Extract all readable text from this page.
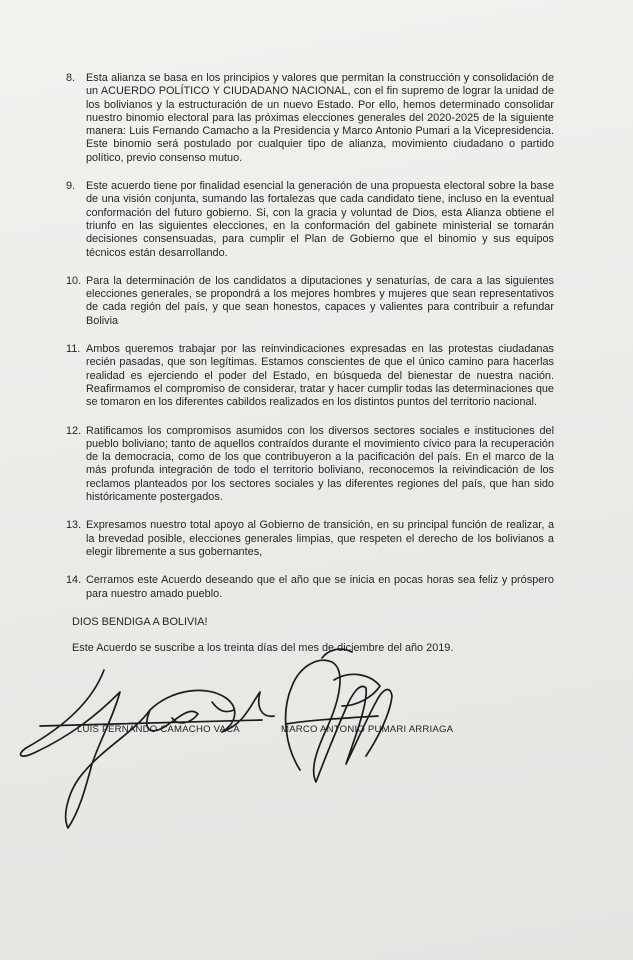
8.	Esta alianza se basa en los principios y valores que permitan la construcción y consolidación de un ACUERDO POLÍTICO Y CIUDADANO NACIONAL, con el fin supremo de lograr la unidad de los bolivianos y la estructuración de un nuevo Estado. Por ello, hemos determinado consolidar nuestro binomio electoral para las próximas elecciones generales del 2020-2025 de la siguiente manera: Luis Fernando Camacho a la Presidencia y Marco Antonio Pumari a la Vicepresidencia. Este binomio será postulado por cualquier tipo de alianza, movimiento ciudadano o partido político, previo consenso mutuo.
9.	Este acuerdo tiene por finalidad esencial la generación de una propuesta electoral sobre la base de una visión conjunta, sumando las fortalezas que cada candidato tiene, incluso en la eventual conformación del futuro gobierno. Si, con la gracia y voluntad de Dios, esta Alianza obtiene el triunfo en las siguientes elecciones, en la conformación del gabinete ministerial se tomarán decisiones consensuadas, para cumplir el Plan de Gobierno que el binomio y sus equipos técnicos están desarrollando.
10. Para la determinación de los candidatos a diputaciones y senaturías, de cara a las siguientes elecciones generales, se propondrá a los mejores hombres y mujeres que sean representativos de cada región del país, y que sean honestos, capaces y valientes para contribuir a refundar Bolivia
11. Ambos queremos trabajar por las reinvindicaciones expresadas en las protestas ciudadanas recién pasadas, que son legítimas. Estamos conscientes de que el único camino para hacerlas realidad es ejerciendo el poder del Estado, en búsqueda del bienestar de nuestra nación. Reafirmamos el compromiso de considerar, tratar y hacer cumplir todas las determinaciones que se tomaron en los diferentes cabildos realizados en los distintos puntos del territorio nacional.
12. Ratificamos los compromisos asumidos con los diversos sectores sociales e instituciones del pueblo boliviano; tanto de aquellos contraídos durante el movimiento cívico para la recuperación de la democracia, como de los que contribuyeron a la pacificación del país. En el marco de la más profunda integración de todo el territorio boliviano, reconocemos la reivindicación de los reclamos planteados por los sectores sociales y las diferentes regiones del país, que han sido históricamente postergados.
13. Expresamos nuestro total apoyo al Gobierno de transición, en su principal función de realizar, a la brevedad posible, elecciones generales limpias, que respeten el derecho de los bolivianos a elegir libremente a sus gobernantes,
14. Cerramos este Acuerdo deseando que el año que se inicia en pocas horas sea feliz y próspero para nuestro amado pueblo.
DIOS BENDIGA A BOLIVIA!
Este Acuerdo se suscribe a los treinta días del mes de diciembre del año 2019.
LUIS FERNANDO CAMACHO VACA	MARCO ANTONIO PUMARI ARRIAGA
